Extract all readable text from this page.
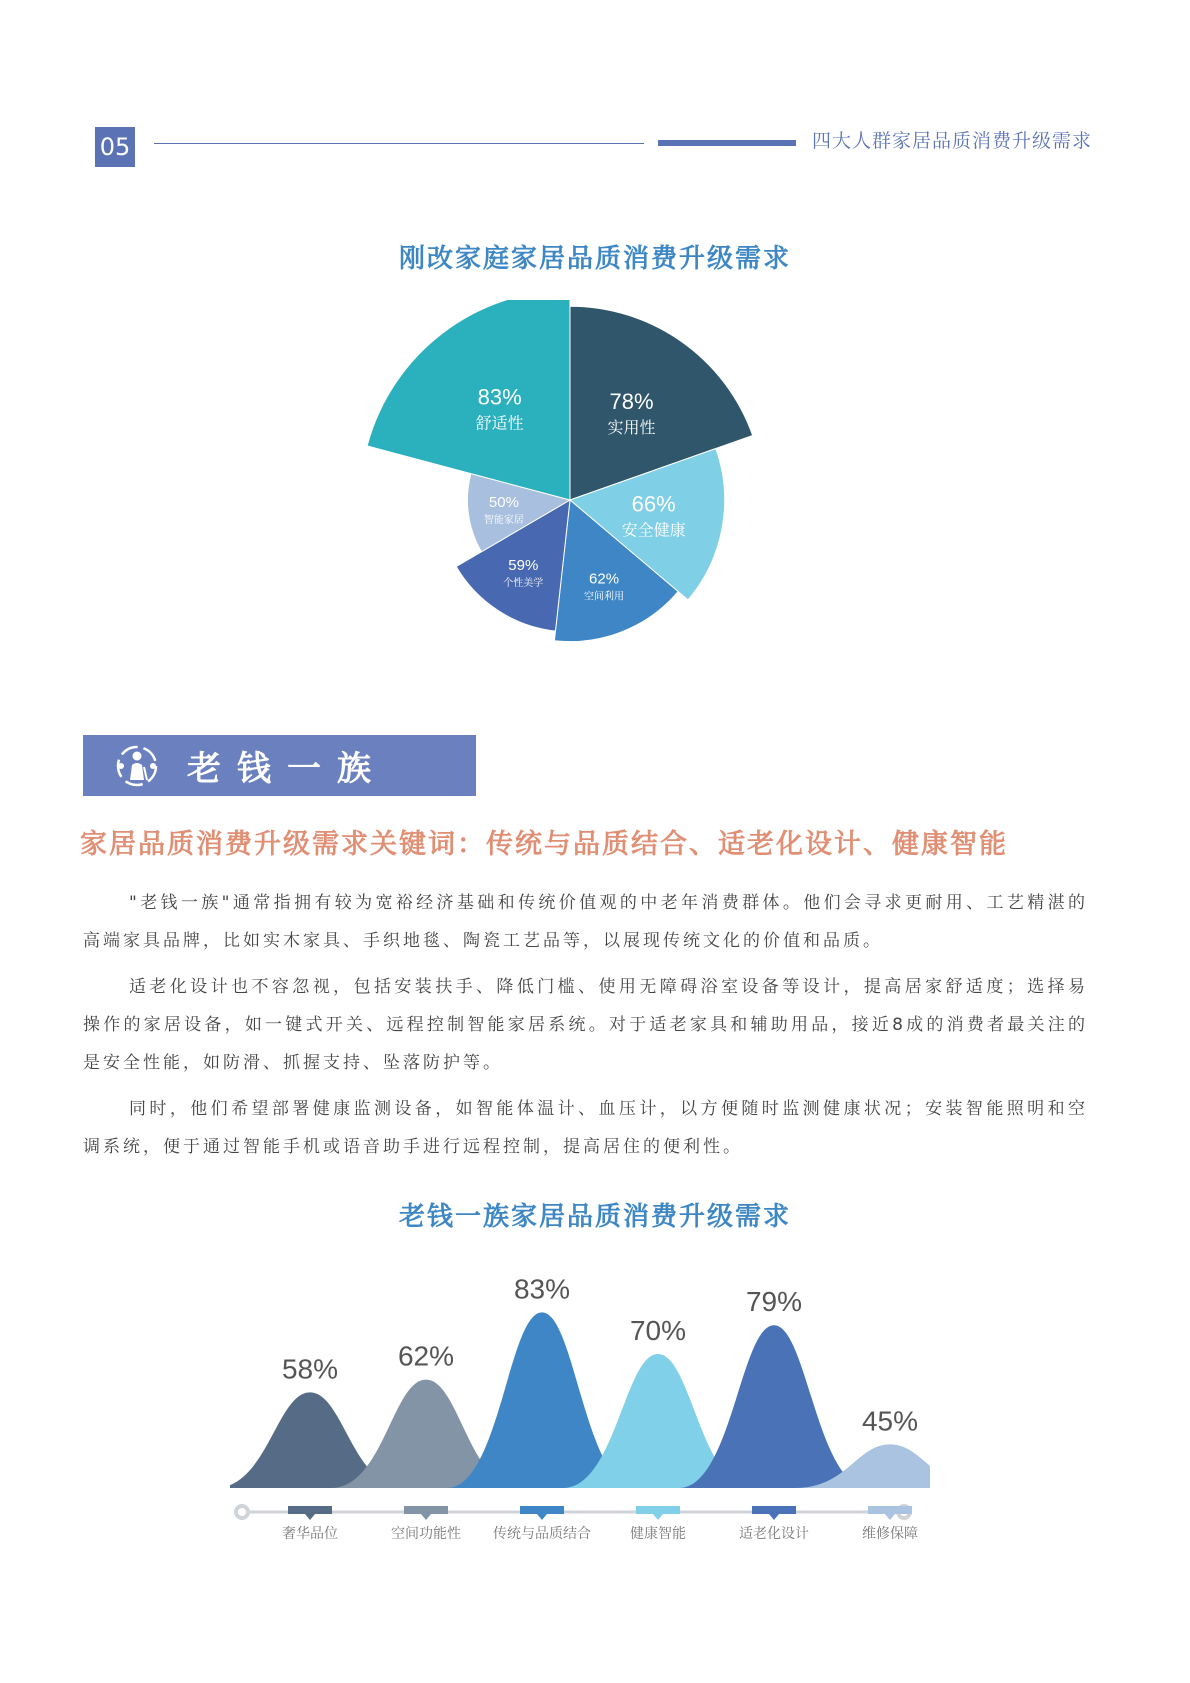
05	四大人群家居品质消费升级需求
刚改家庭家居品质消费升级需求
78%
实用性
66%
安全健康
62%
空间利用
59%
个性美学
50%
智能家居
83%
舒适性
老钱一族
家居品质消费升级需求关键词：传统与品质结合、适老化设计、健康智能

"老钱一族"通常指拥有较为宽裕经济基础和传统价值观的中老年消费群体。他们会寻求更耐用、工艺精湛的高端家具品牌，比如实木家具、手织地毯、陶瓷工艺品等，以展现传统文化的价值和品质。

适老化设计也不容忽视，包括安装扶手、降低门槛、使用无障碍浴室设备等设计，提高居家舒适度；选择易操作的家居设备，如一键式开关、远程控制智能家居系统。对于适老家具和辅助用品，接近8成的消费者最关注的是安全性能，如防滑、抓握支持、坠落防护等。

同时，他们希望部署健康监测设备，如智能体温计、血压计，以方便随时监测健康状况；安装智能照明和空调系统，便于通过智能手机或语音助手进行远程控制，提高居住的便利性。

老钱一族家居品质消费升级需求
58%
奢华品位
62%
空间功能性
83%
传统与品质结合
70%
健康智能
79%
适老化设计
45%
维修保障
